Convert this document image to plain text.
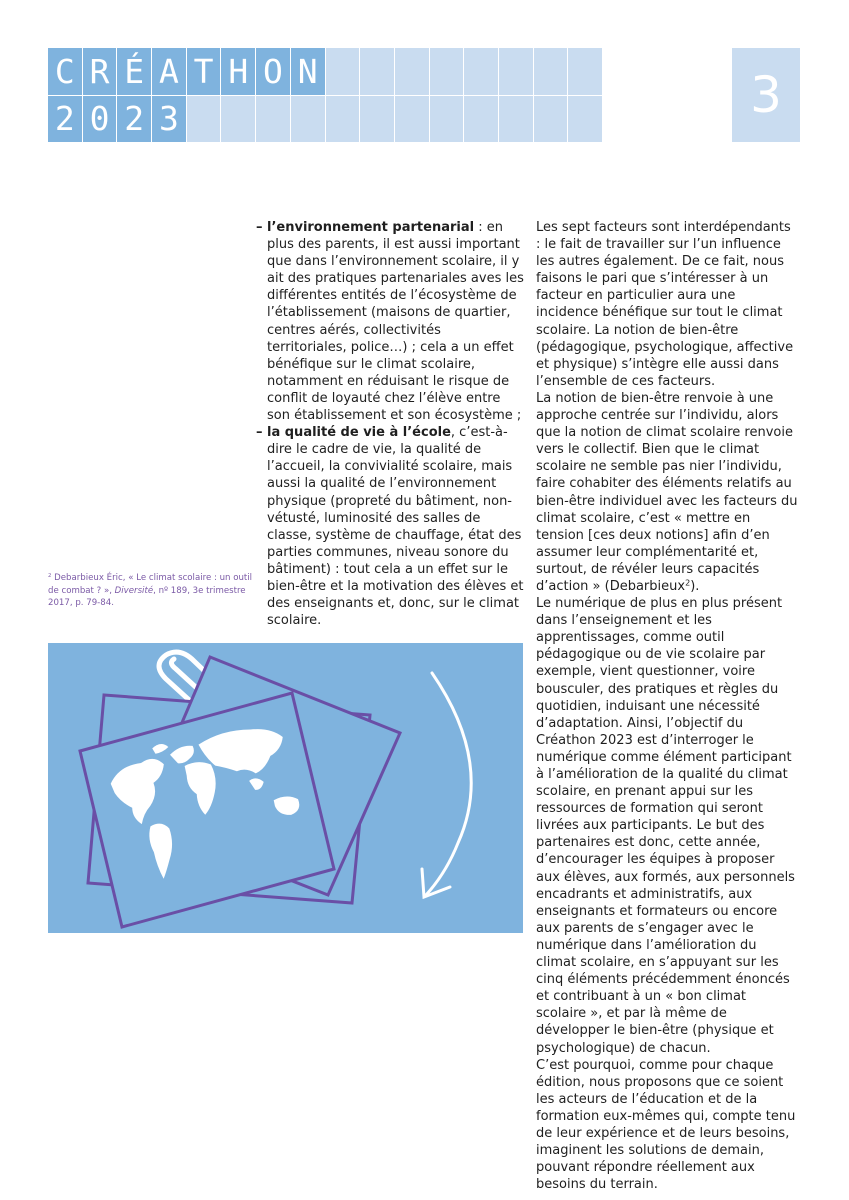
C R É A T H O N
2 0 2 3	3
– l’environnement partenarial : en plus des parents, il est aussi important que dans l’environnement scolaire, il y ait des pratiques partenariales aves les différentes entités de l’écosystème de l’établissement (maisons de quartier, centres aérés, collectivités territoriales, police…) ; cela a un effet bénéfique sur le climat scolaire, notamment en réduisant le risque de conflit de loyauté chez l’élève entre son établissement et son écosystème ;
– la qualité de vie à l’école, c’est-à-dire le cadre de vie, la qualité de l’accueil, la convivialité scolaire, mais aussi la qualité de l’environnement physique (propreté du bâtiment, non-vétusté, luminosité des salles de classe, système de chauffage, état des parties communes, niveau sonore du bâtiment) : tout cela a un effet sur le bien-être et la motivation des élèves et des enseignants et, donc, sur le climat scolaire.
$^2$ Debarbieux Éric, « Le climat scolaire : un outil de combat ? », Diversité, nº 189, 3e trimestre 2017, p. 79-84.

Les sept facteurs sont interdépendants : le fait de travailler sur l’un influence les autres également. De ce fait, nous faisons le pari que s’intéresser à un facteur en particulier aura une incidence bénéfique sur tout le climat scolaire. La notion de bien-être (pédagogique, psychologique, affective et physique) s’intègre elle aussi dans l’ensemble de ces facteurs.

La notion de bien-être renvoie à une approche centrée sur l’individu, alors que la notion de climat scolaire renvoie vers le collectif. Bien que le climat scolaire ne semble pas nier l’individu, faire cohabiter des éléments relatifs au bien-être individuel avec les facteurs du climat scolaire, c’est « mettre en tension [ces deux notions] afin d’en assumer leur complémentarité et, surtout, de révéler leurs capacités d’action » (Debarbieux$^2$).

Le numérique de plus en plus présent dans l’enseignement et les apprentissages, comme outil pédagogique ou de vie scolaire par exemple, vient questionner, voire bousculer, des pratiques et règles du quotidien, induisant une nécessité d’adaptation. Ainsi, l’objectif du Créathon 2023 est d’interroger le numérique comme élément participant à l’amélioration de la qualité du climat scolaire, en prenant appui sur les ressources de formation qui seront livrées aux participants. Le but des partenaires est donc, cette année, d’encourager les équipes à proposer aux élèves, aux formés, aux personnels encadrants et administratifs, aux enseignants et formateurs ou encore aux parents de s’engager avec le numérique dans l’amélioration du climat scolaire, en s’appuyant sur les cinq éléments précédemment énoncés et contribuant à un « bon climat scolaire », et par là même de développer le bien-être (physique et psychologique) de chacun.

C’est pourquoi, comme pour chaque édition, nous proposons que ce soient les acteurs de l’éducation et de la formation eux-mêmes qui, compte tenu de leur expérience et de leurs besoins, imaginent les solutions de demain, pouvant répondre réellement aux besoins du terrain.
